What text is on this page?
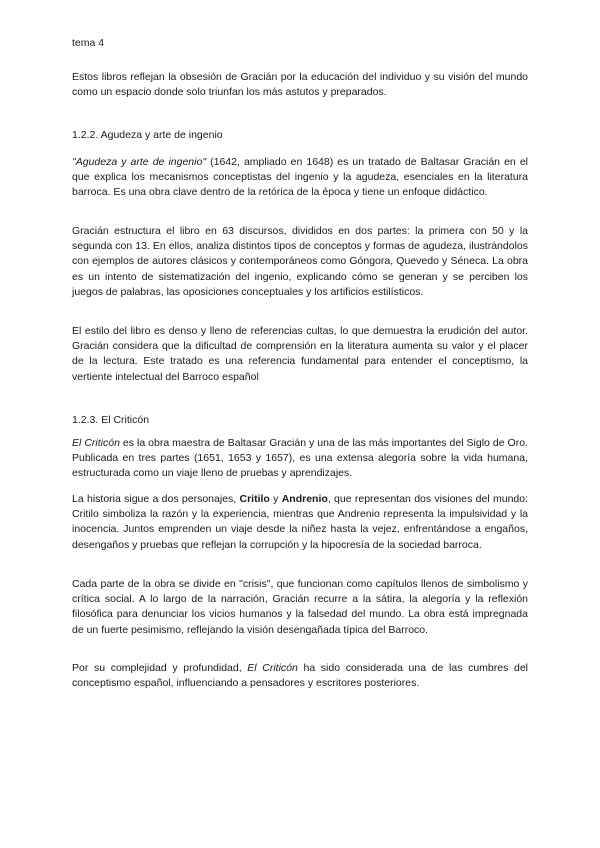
tema 4

Estos libros reflejan la obsesión de Gracián por la educación del individuo y su visión del mundo como un espacio donde solo triunfan los más astutos y preparados.

1.2.2. Agudeza y arte de ingenio

"Agudeza y arte de ingenio" (1642, ampliado en 1648) es un tratado de Baltasar Gracián en el que explica los mecanismos conceptistas del ingenio y la agudeza, esenciales en la literatura barroca. Es una obra clave dentro de la retórica de la época y tiene un enfoque didáctico.

Gracián estructura el libro en 63 discursos, divididos en dos partes: la primera con 50 y la segunda con 13. En ellos, analiza distintos tipos de conceptos y formas de agudeza, ilustrándolos con ejemplos de autores clásicos y contemporáneos como Góngora, Quevedo y Séneca. La obra es un intento de sistematización del ingenio, explicando cómo se generan y se perciben los juegos de palabras, las oposiciones conceptuales y los artificios estilísticos.

El estilo del libro es denso y lleno de referencias cultas, lo que demuestra la erudición del autor. Gracián considera que la dificultad de comprensión en la literatura aumenta su valor y el placer de la lectura. Este tratado es una referencia fundamental para entender el conceptismo, la vertiente intelectual del Barroco español

1.2.3. El Criticón

El Criticón es la obra maestra de Baltasar Gracián y una de las más importantes del Siglo de Oro. Publicada en tres partes (1651, 1653 y 1657), es una extensa alegoría sobre la vida humana, estructurada como un viaje lleno de pruebas y aprendizajes.

La historia sigue a dos personajes, Critilo y Andrenio, que representan dos visiones del mundo: Critilo simboliza la razón y la experiencia, mientras que Andrenio representa la impulsividad y la inocencia. Juntos emprenden un viaje desde la niñez hasta la vejez, enfrentándose a engaños, desengaños y pruebas que reflejan la corrupción y la hipocresía de la sociedad barroca.

Cada parte de la obra se divide en "crisis", que funcionan como capítulos llenos de simbolismo y crítica social. A lo largo de la narración, Gracián recurre a la sátira, la alegoría y la reflexión filosófica para denunciar los vicios humanos y la falsedad del mundo. La obra está impregnada de un fuerte pesimismo, reflejando la visión desengañada típica del Barroco.

Por su complejidad y profundidad, El Criticón ha sido considerada una de las cumbres del conceptismo español, influenciando a pensadores y escritores posteriores.
